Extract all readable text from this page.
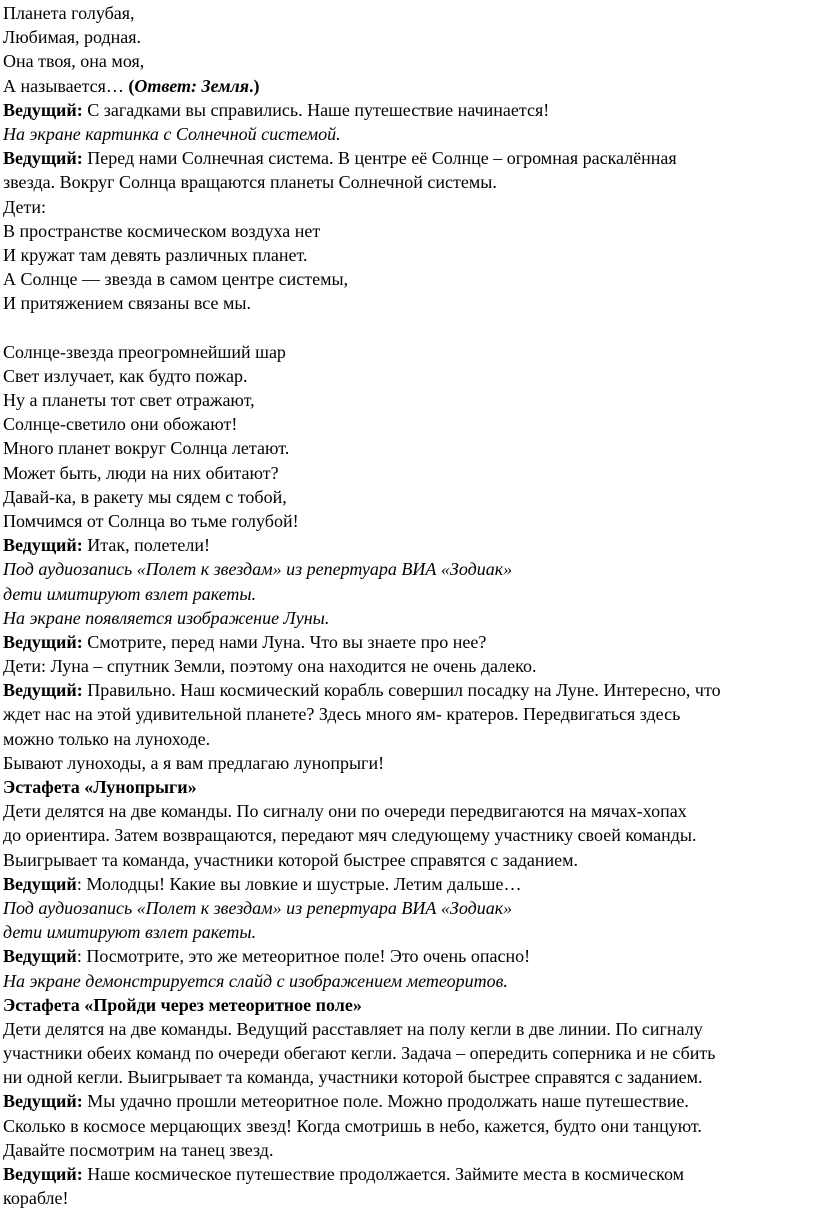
Планета голубая,
Любимая, родная.
Она твоя, она моя,
А называется… (Ответ: Земля.)
Ведущий: С загадками вы справились. Наше путешествие начинается!
На экране картинка с Солнечной системой.
Ведущий: Перед нами Солнечная система. В центре её Солнце – огромная раскалённая
звезда. Вокруг Солнца вращаются планеты Солнечной системы.
Дети:
В пространстве космическом воздуха нет
И кружат там девять различных планет.
А Солнце — звезда в самом центре системы,
И притяжением связаны все мы.
Солнце-звезда преогромнейший шар
Свет излучает, как будто пожар.
Ну а планеты тот свет отражают,
Солнце-светило они обожают!
Много планет вокруг Солнца летают.
Может быть, люди на них обитают?
Давай-ка, в ракету мы сядем с тобой,
Помчимся от Солнца во тьме голубой!
Ведущий: Итак, полетели!
Под аудиозапись «Полет к звездам» из репертуара ВИА «Зодиак»
дети имитируют взлет ракеты.
На экране появляется изображение Луны.
Ведущий: Смотрите, перед нами Луна. Что вы знаете про нее?
Дети: Луна – спутник Земли, поэтому она находится не очень далеко.
Ведущий: Правильно. Наш космический корабль совершил посадку на Луне. Интересно, что
ждет нас на этой удивительной планете? Здесь много ям- кратеров. Передвигаться здесь
можно только на луноходе.
Бывают луноходы, а я вам предлагаю лунопрыги!
Эстафета «Лунопрыги»
Дети делятся на две команды. По сигналу они по очереди передвигаются на мячах-хопах
до ориентира. Затем возвращаются, передают мяч следующему участнику своей команды.
Выигрывает та команда, участники которой быстрее справятся с заданием.
Ведущий: Молодцы! Какие вы ловкие и шустрые. Летим дальше…
Под аудиозапись «Полет к звездам» из репертуара ВИА «Зодиак»
дети имитируют взлет ракеты.
Ведущий: Посмотрите, это же метеоритное поле! Это очень опасно!
На экране демонстрируется слайд с изображением метеоритов.
Эстафета «Пройди через метеоритное поле»
Дети делятся на две команды. Ведущий расставляет на полу кегли в две линии. По сигналу
участники обеих команд по очереди обегают кегли. Задача – опередить соперника и не сбить
ни одной кегли. Выигрывает та команда, участники которой быстрее справятся с заданием.
Ведущий: Мы удачно прошли метеоритное поле. Можно продолжать наше путешествие.
Сколько в космосе мерцающих звезд! Когда смотришь в небо, кажется, будто они танцуют.
Давайте посмотрим на танец звезд.
Ведущий: Наше космическое путешествие продолжается. Займите места в космическом
корабле!
